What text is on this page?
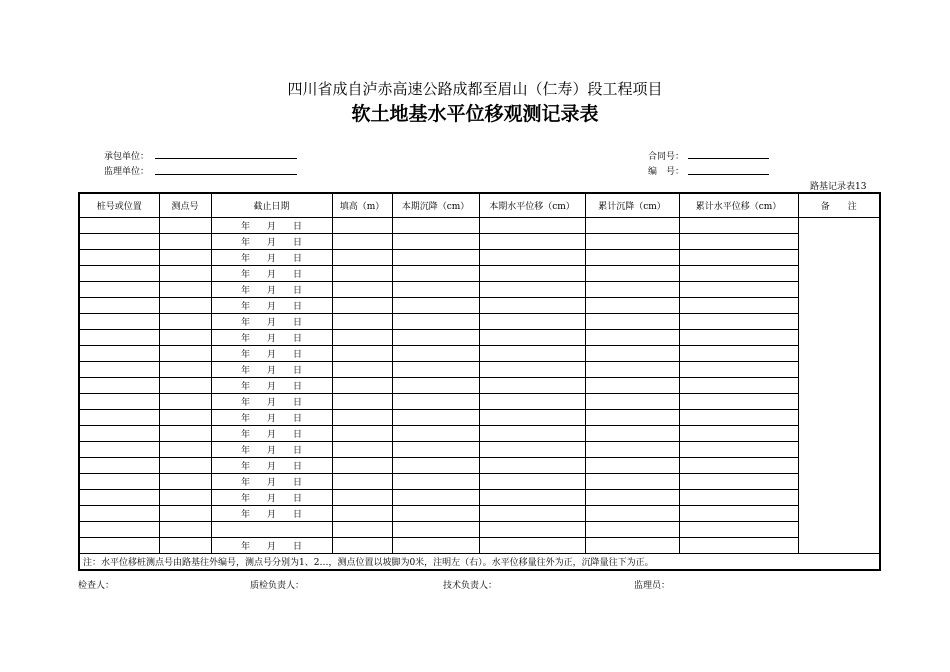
四川省成自泸赤高速公路成都至眉山（仁寿）段工程项目
软土地基水平位移观测记录表
承包单位：
监理单位：
合同号：
编　号：
路基记录表13
桩号或位置	测点号	截止日期	填高（m）	本期沉降（cm）	本期水平位移（cm）	累计沉降（cm）	累计水平位移（cm）	备　　注
		年 月 日						
		年 月 日						
		年 月 日						
		年 月 日						
		年 月 日						
		年 月 日						
		年 月 日						
		年 月 日						
		年 月 日						
		年 月 日						
		年 月 日						
		年 月 日						
		年 月 日						
		年 月 日						
		年 月 日						
		年 月 日						
		年 月 日						
		年 月 日						
		年 月 日						

		年 月 日						
注：水平位移桩测点号由路基往外编号，测点号分别为1、2…，测点位置以坡脚为0米，注明左（右）。水平位移量往外为正，沉降量往下为正。								
检查人：	质检负责人：	技术负责人：	监理员：
